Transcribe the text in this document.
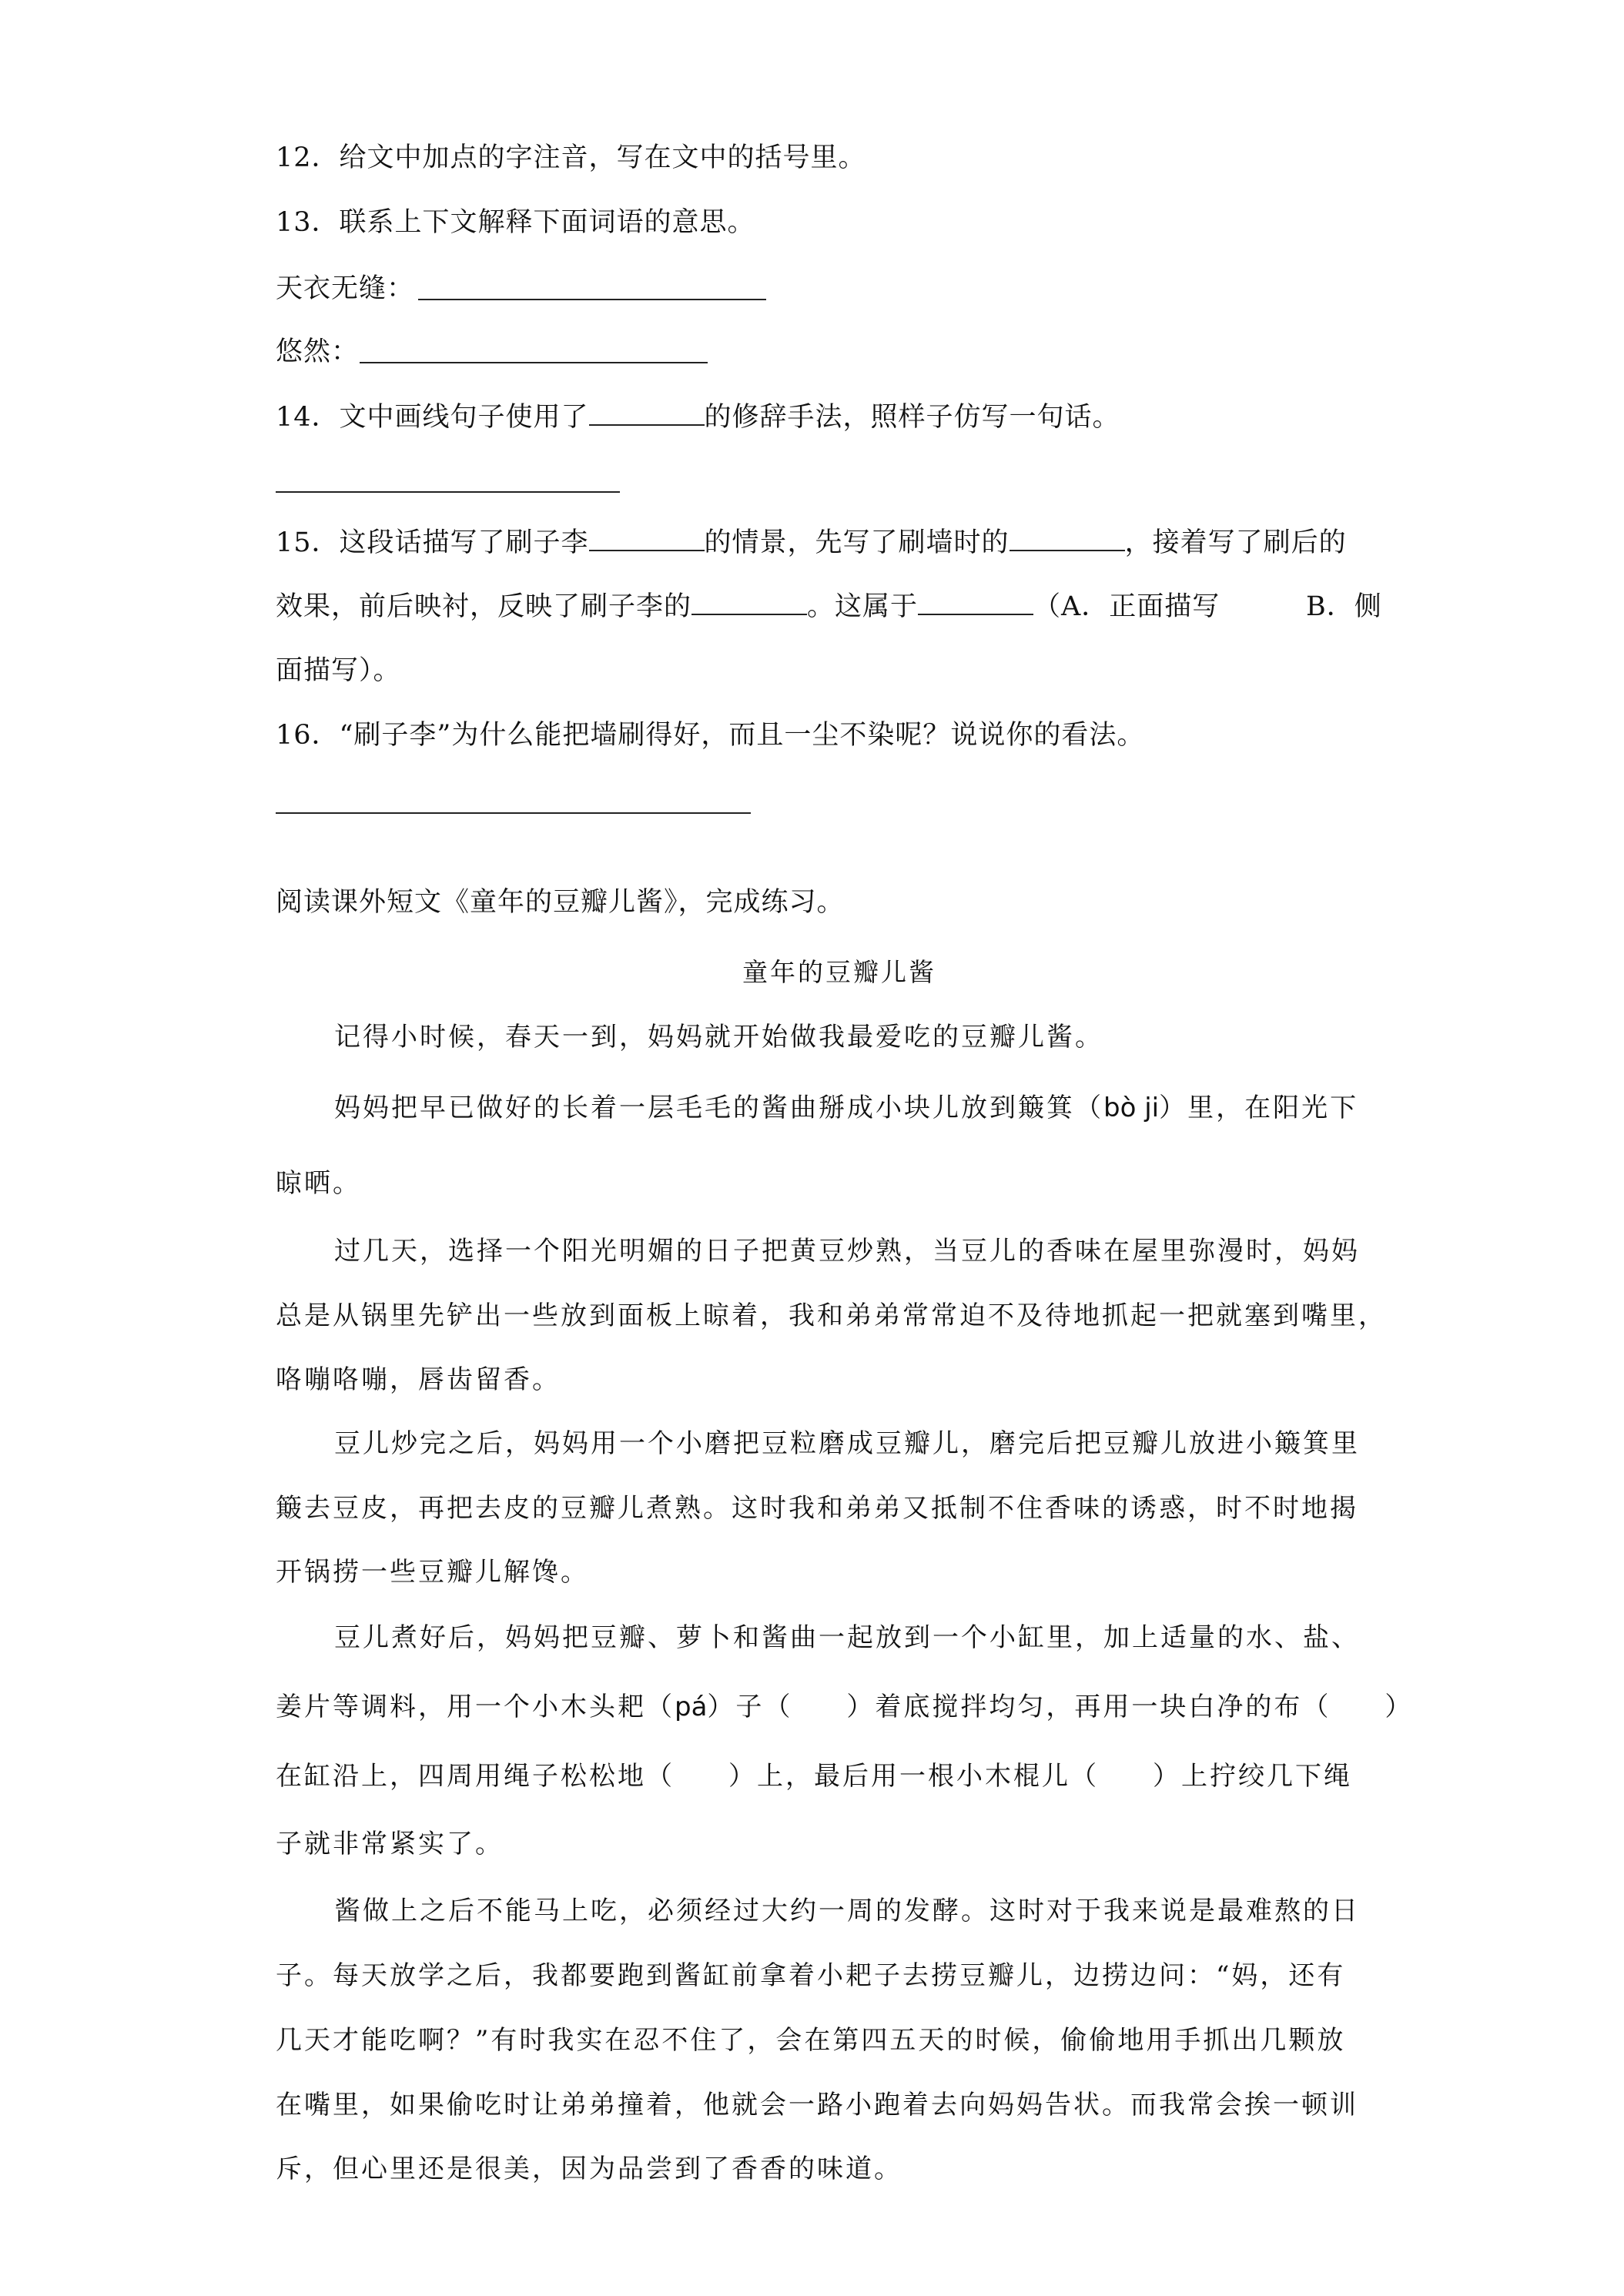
12．给文中加点的字注音，写在文中的括号里。
13．联系上下文解释下面词语的意思。
天衣无缝：
悠然：
14．文中画线句子使用了	的修辞手法，照样子仿写一句话。
15．这段话描写了刷子李	的情景，先写了刷墙时的	，接着写了刷后的
效果，前后映衬，反映了刷子李的	。这属于	（A．正面描写	B．侧
面描写）。
16．“刷子李”为什么能把墙刷得好，而且一尘不染呢？说说你的看法。
阅读课外短文《童年的豆瓣儿酱》，完成练习。
童年的豆瓣儿酱
记得小时候，春天一到，妈妈就开始做我最爱吃的豆瓣儿酱。
妈妈把早已做好的长着一层毛毛的酱曲掰成小块儿放到簸箕（bò ji）里，在阳光下
晾晒。
过几天，选择一个阳光明媚的日子把黄豆炒熟，当豆儿的香味在屋里弥漫时，妈妈
总是从锅里先铲出一些放到面板上晾着，我和弟弟常常迫不及待地抓起一把就塞到嘴里，
咯嘣咯嘣，唇齿留香。
豆儿炒完之后，妈妈用一个小磨把豆粒磨成豆瓣儿，磨完后把豆瓣儿放进小簸箕里
簸去豆皮，再把去皮的豆瓣儿煮熟。这时我和弟弟又抵制不住香味的诱惑，时不时地揭
开锅捞一些豆瓣儿解馋。
豆儿煮好后，妈妈把豆瓣、萝卜和酱曲一起放到一个小缸里，加上适量的水、盐、
姜片等调料，用一个小木头耙（pá）子（ ）着底搅拌均匀，再用一块白净的布（ ）
在缸沿上，四周用绳子松松地（ ）上，最后用一根小木棍儿（ ）上拧绞几下绳
子就非常紧实了。
酱做上之后不能马上吃，必须经过大约一周的发酵。这时对于我来说是最难熬的日
子。每天放学之后，我都要跑到酱缸前拿着小耙子去捞豆瓣儿，边捞边问：“妈，还有
几天才能吃啊？”有时我实在忍不住了，会在第四五天的时候，偷偷地用手抓出几颗放
在嘴里，如果偷吃时让弟弟撞着，他就会一路小跑着去向妈妈告状。而我常会挨一顿训
斥，但心里还是很美，因为品尝到了香香的味道。
